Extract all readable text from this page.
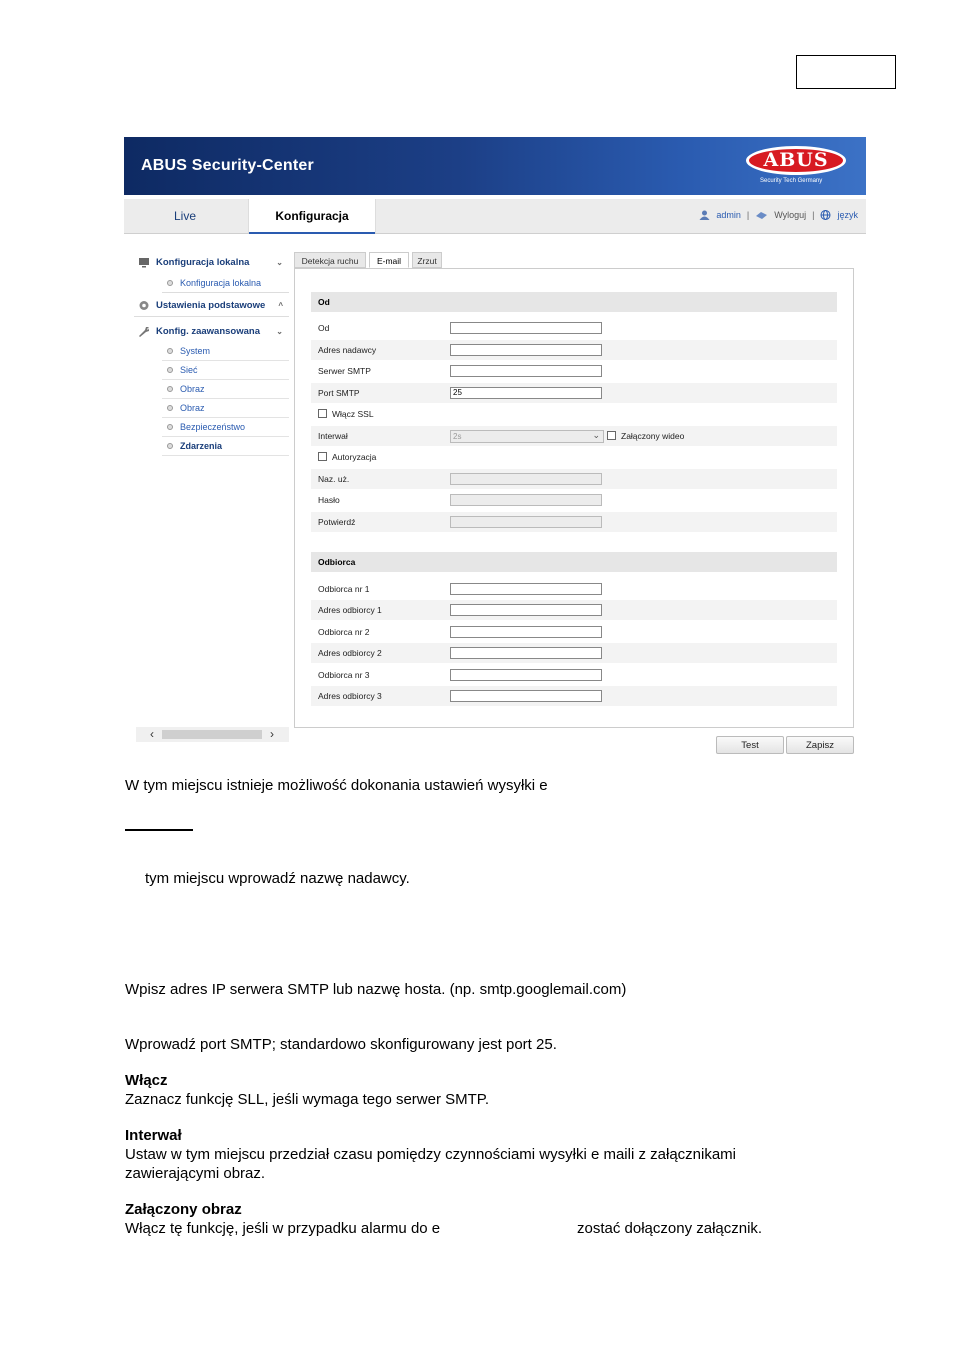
ABUS Security-Center	ABUS
Security Tech Germany
Live	Konfiguracja	admin |	Wyloguj |	język
Konfiguracja lokalna	⌄
Konfiguracja lokalna
Ustawienia podstawowe ^
Konfig. zaawansowana ⌄
System
Sieć
Obraz
Obraz
Bezpieczeństwo
Zdarzenia
‹	›
Detekcja ruchu	E-mail	Zrzut
Od
Od
Adres nadawcy
Serwer SMTP
Port SMTP	25
Włącz SSL
Interwał	2s	⌄	Załączony wideo
Autoryzacja
Naz. uż.
Hasło
Potwierdź
Odbiorca
Odbiorca nr 1
Adres odbiorcy 1
Odbiorca nr 2
Adres odbiorcy 2
Odbiorca nr 3
Adres odbiorcy 3
Test	Zapisz
W tym miejscu istnieje możliwość dokonania ustawień wysyłki e
tym miejscu wprowadź nazwę nadawcy.
Wpisz adres IP serwera SMTP lub nazwę hosta. (np. smtp.googlemail.com)
Wprowadź port SMTP; standardowo skonfigurowany jest port 25.
Włącz
Zaznacz funkcję SLL, jeśli wymaga tego serwer SMTP.
Interwał
Ustaw w tym miejscu przedział czasu pomiędzy czynnościami wysyłki e maili z załącznikami
zawierającymi obraz.
Załączony obraz
Włącz tę funkcję, jeśli w przypadku alarmu do e	zostać dołączony załącznik.
